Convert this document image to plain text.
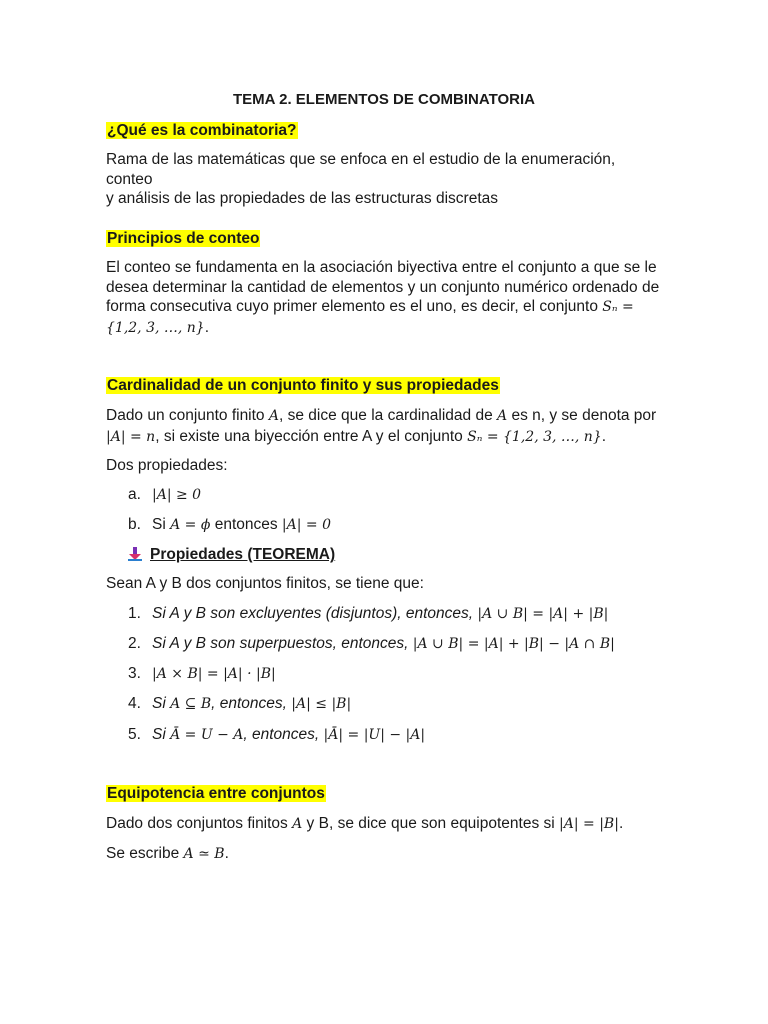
TEMA 2. ELEMENTOS DE COMBINATORIA
¿Qué es la combinatoria?
Rama de las matemáticas que se enfoca en el estudio de la enumeración, conteo
y análisis de las propiedades de las estructuras discretas
Principios de conteo
El conteo se fundamenta en la asociación biyectiva entre el conjunto a que se le
desea determinar la cantidad de elementos y un conjunto numérico ordenado de
forma consecutiva cuyo primer elemento es el uno, es decir, el conjunto Sₙ =
{1,2, 3, …, n}.
Cardinalidad de un conjunto finito y sus propiedades
Dado un conjunto finito A, se dice que la cardinalidad de A es n, y se denota por
|A| = n, si existe una biyección entre A y el conjunto Sₙ = {1,2, 3, …, n}.
Dos propiedades:
a. |A| ≥ 0
b. Si A = ϕ entonces |A| = 0
Propiedades (TEOREMA)
Sean A y B dos conjuntos finitos, se tiene que:
1. Si A y B son excluyentes (disjuntos), entonces, |A ∪ B| = |A| + |B|
2. Si A y B son superpuestos, entonces, |A ∪ B| = |A| + |B| − |A ∩ B|
3. |A × B| = |A| · |B|
4. Si A ⊆ B, entonces, |A| ≤ |B|
5. Si Ā = U − A, entonces, |Ā| = |U| − |A|
Equipotencia entre conjuntos
Dado dos conjuntos finitos A y B, se dice que son equipotentes si |A| = |B|.
Se escribe A ≃ B.
